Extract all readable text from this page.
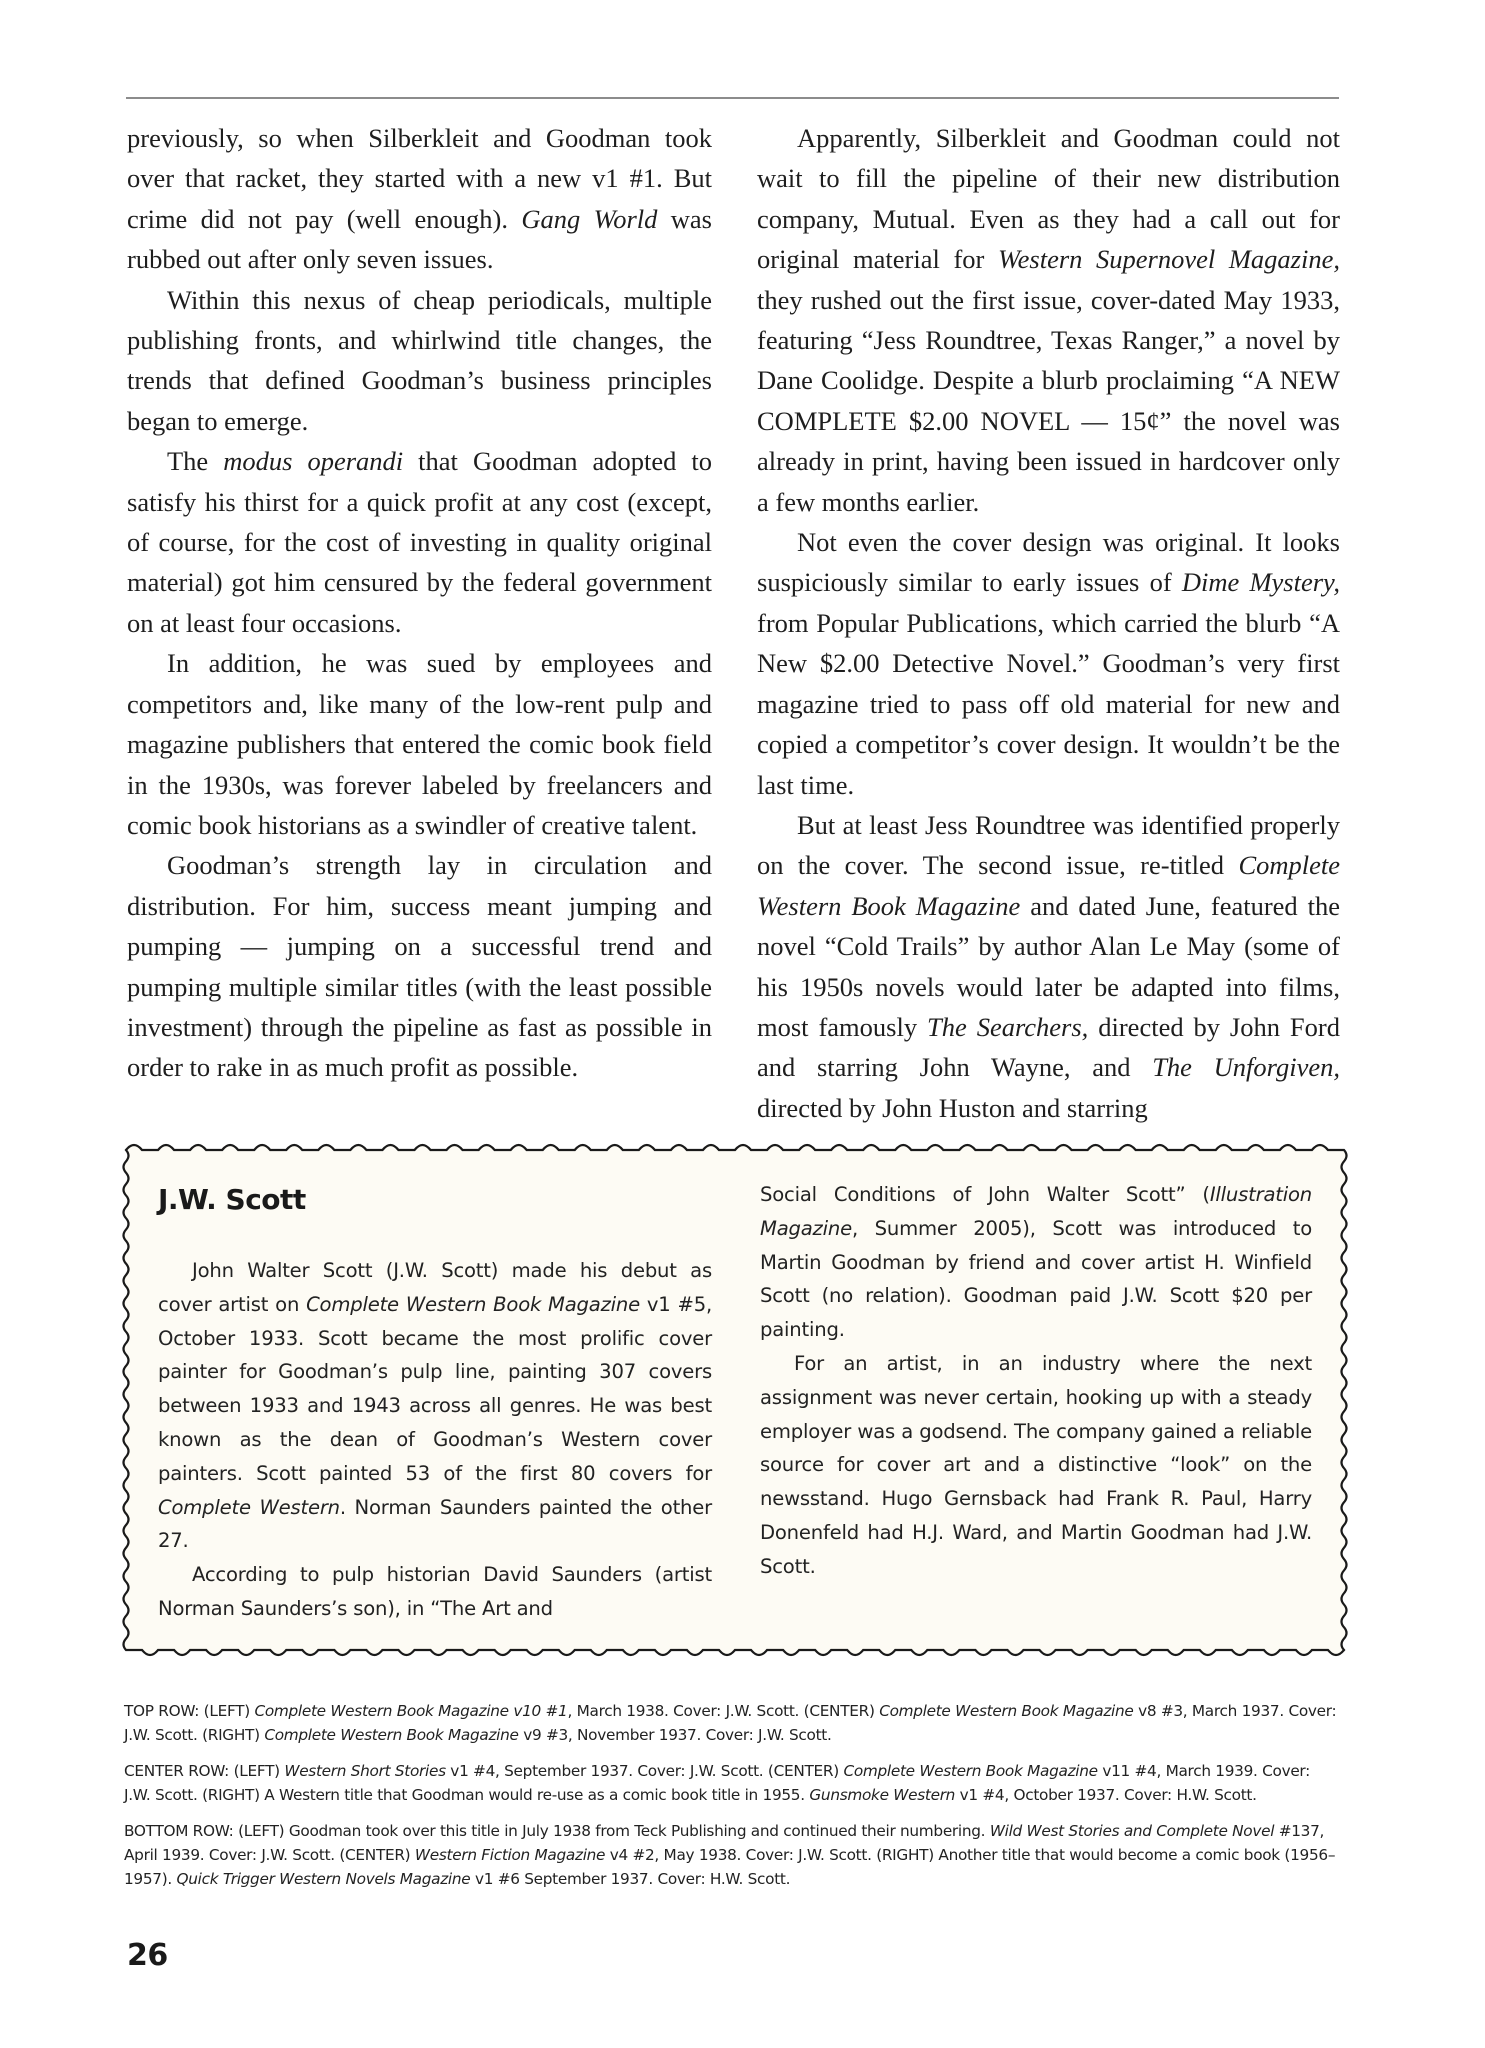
previously, so when Silberkleit and Goodman took over that racket, they started with a new v1 #1. But crime did not pay (well enough). Gang World was rubbed out after only seven issues.

Within this nexus of cheap periodicals, multiple publishing fronts, and whirlwind title changes, the trends that defined Goodman’s business principles began to emerge.

The modus operandi that Goodman adopted to satisfy his thirst for a quick profit at any cost (except, of course, for the cost of investing in quality original material) got him censured by the federal government on at least four occasions.

In addition, he was sued by employees and competitors and, like many of the low-rent pulp and magazine publishers that entered the comic book field in the 1930s, was forever labeled by freelancers and comic book historians as a swindler of creative talent.

Goodman’s strength lay in circulation and distribution. For him, success meant jumping and pumping — jumping on a successful trend and pumping multiple similar titles (with the least possible investment) through the pipeline as fast as possible in order to rake in as much profit as possible.

Apparently, Silberkleit and Goodman could not wait to fill the pipeline of their new distribution company, Mutual. Even as they had a call out for original material for Western Supernovel Magazine, they rushed out the first issue, cover-dated May 1933, featuring “Jess Roundtree, Texas Ranger,” a novel by Dane Coolidge. Despite a blurb proclaiming “A NEW COMPLETE $2.00 NOVEL — 15¢” the novel was already in print, having been issued in hardcover only a few months earlier.

Not even the cover design was original. It looks suspiciously similar to early issues of Dime Mystery, from Popular Publications, which carried the blurb “A New $2.00 Detective Novel.” Goodman’s very first magazine tried to pass off old material for new and copied a competitor’s cover design. It wouldn’t be the last time.

But at least Jess Roundtree was identified properly on the cover. The second issue, re-titled Complete Western Book Magazine and dated June, featured the novel “Cold Trails” by author Alan Le May (some of his 1950s novels would later be adapted into films, most famously The Searchers, directed by John Ford and starring John Wayne, and The Unforgiven, directed by John Huston and starring

J.W. Scott

John Walter Scott (J.W. Scott) made his debut as cover artist on Complete Western Book Magazine v1 #5, October 1933. Scott became the most prolific cover painter for Goodman’s pulp line, painting 307 covers between 1933 and 1943 across all genres. He was best known as the dean of Goodman’s Western cover painters. Scott painted 53 of the first 80 covers for Complete Western. Norman Saunders painted the other 27.

According to pulp historian David Saunders (artist Norman Saunders’s son), in “The Art and

Social Conditions of John Walter Scott” (Illustration Magazine, Summer 2005), Scott was introduced to Martin Goodman by friend and cover artist H. Winfield Scott (no relation). Goodman paid J.W. Scott $20 per painting.

For an artist, in an industry where the next assignment was never certain, hooking up with a steady employer was a godsend. The company gained a reliable source for cover art and a distinctive “look” on the newsstand. Hugo Gernsback had Frank R. Paul, Harry Donenfeld had H.J. Ward, and Martin Goodman had J.W. Scott.

TOP ROW: (LEFT) Complete Western Book Magazine v10 #1, March 1938. Cover: J.W. Scott. (CENTER) Complete Western Book Magazine v8 #3, March 1937. Cover: J.W. Scott. (RIGHT) Complete Western Book Magazine v9 #3, November 1937. Cover: J.W. Scott.

CENTER ROW: (LEFT) Western Short Stories v1 #4, September 1937. Cover: J.W. Scott. (CENTER) Complete Western Book Magazine v11 #4, March 1939. Cover: J.W. Scott. (RIGHT) A Western title that Goodman would re-use as a comic book title in 1955. Gunsmoke Western v1 #4, October 1937. Cover: H.W. Scott.

BOTTOM ROW: (LEFT) Goodman took over this title in July 1938 from Teck Publishing and continued their numbering. Wild West Stories and Complete Novel #137, April 1939. Cover: J.W. Scott. (CENTER) Western Fiction Magazine v4 #2, May 1938. Cover: J.W. Scott. (RIGHT) Another title that would become a comic book (1956–1957). Quick Trigger Western Novels Magazine v1 #6 September 1937. Cover: H.W. Scott.

26
